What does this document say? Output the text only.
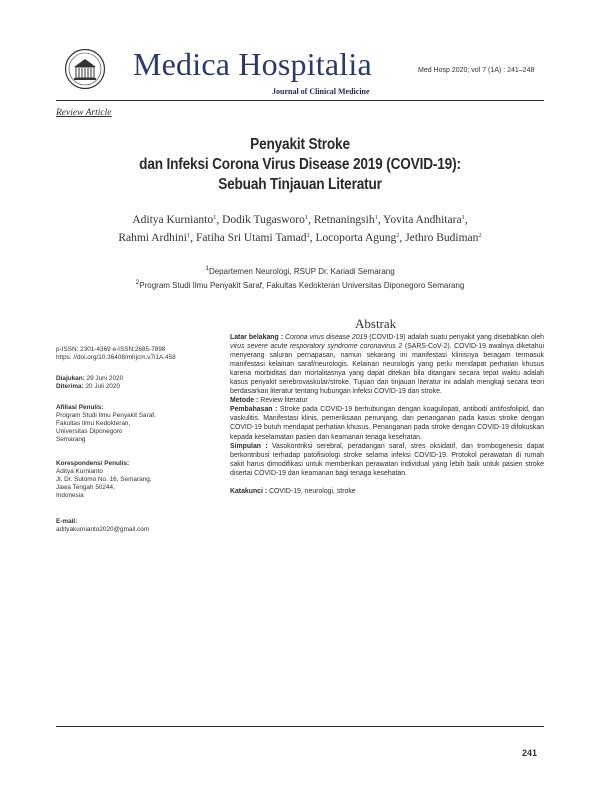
Medica Hospitalia
Journal of Clinical Medicine
Med Hosp 2020; vol 7 (1A) : 241–248
Review Article
Penyakit Stroke
dan Infeksi Corona Virus Disease 2019 (COVID-19):
Sebuah Tinjauan Literatur
Aditya Kurnianto$^1$, Dodik Tugasworo$^1$, Retnaningsih$^1$, Yovita Andhitara$^1$,
Rahmi Ardhini$^1$, Fatiha Sri Utami Tamad$^2$, Locoporta Agung$^2$, Jethro Budiman$^2$
$^1$Departemen Neurologi, RSUP Dr. Kariadi Semarang
$^2$Program Studi Ilmu Penyakit Saraf, Fakultas Kedokteran Universitas Diponegoro Semarang
Abstrak
p-ISSN: 2301-4369 e-ISSN:2685-7898
https: //doi.org/10.36408/mhjcm.v7i1A.458
Diajukan: 29 Juni 2020
Diterima: 20 Juli 2020
Afiliasi Penulis:
Program Studi Ilmu Penyakit Saraf,
Fakultas Ilmu Kedokteran,
Universitas Diponegoro
Semarang
Korespondensi Penulis:
Aditya Kurnianto
Jl. Dr. Sutomo No. 16, Semarang,
Jawa Tengah 50244,
Indonesia
E-mail:
adityakurnianto2020@gmail.com

Latar belakang : Corona virus disease 2019 (COVID-19) adalah suatu penyakit yang disebabkan oleh virus severe acute resporatory syndrome coronavirus 2 (SARS-CoV-2). COVID-19 awalnya diketahui menyerang saluran pernapasan, namun sekarang ini manifestasi klinisnya beragam termasuk manifestasi kelainan saraf/neurologis. Kelainan neurologis yang perlu mendapat perhatian khusus karena morbiditas dan mortalitasnya yang dapat ditekan bila ditangani secara tepat waktu adalah kasus penyakit serebrovaskular/stroke. Tujuan dari tinjauan literatur ini adalah mengkaji secara teori berdasarkan literatur tentang hubungan infeksi COVID-19 dan stroke.

Metode : Review literatur

Pembahasan : Stroke pada COVID-19 berhubungan dengan koagulopati, antibodi antifosfolipid, dan vaskulitis. Manifestasi klinis, pemeriksaan penunjang, dan penanganan pada kasus stroke dengan COVID-19 butuh mendapat perhatian khusus. Penanganan pada stroke dengan COVID-19 difokuskan kepada keselamatan pasien dan keamanan tenaga kesehatan.

Simpulan : Vasokontriksi serebral, peradangan saraf, stres oksidatif, dan trombogenesis dapat berkontribusi terhadap patofisiologi stroke selama infeksi COVID-19. Protokol perawatan di rumah sakit harus dimodifikasi untuk memberikan perawatan individual yang lebih baik untuk pasien stroke disertai COVID-19 dan keamanan bagi tenaga kesehatan.

Katakunci : COVID-19, neurologi, stroke

241
